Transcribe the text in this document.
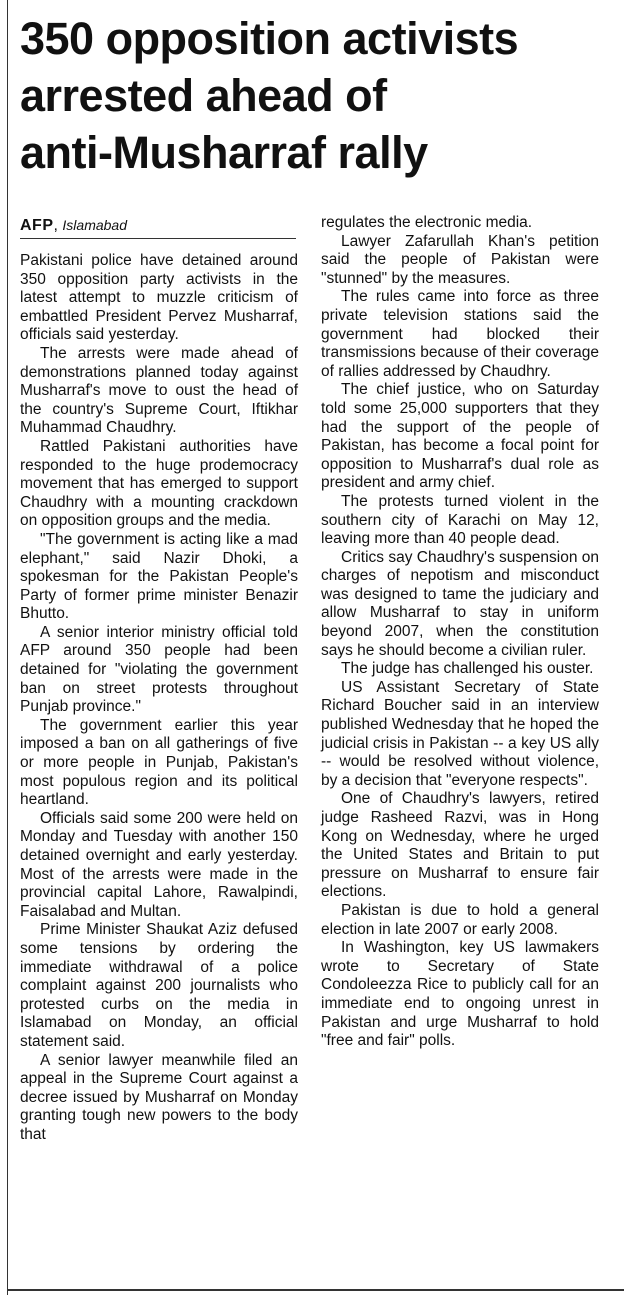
350 opposition activists
arrested ahead of
anti-Musharraf rally
AFP, Islamabad

Pakistani police have detained around 350 opposition party activists in the latest attempt to muzzle criticism of embattled President Pervez Musharraf, officials said yesterday.

The arrests were made ahead of demonstrations planned today against Musharraf's move to oust the head of the country's Supreme Court, Iftikhar Muhammad Chaudhry.

Rattled Pakistani authorities have responded to the huge prodemocracy movement that has emerged to support Chaudhry with a mounting crackdown on opposition groups and the media.

"The government is acting like a mad elephant," said Nazir Dhoki, a spokesman for the Pakistan People's Party of former prime minister Benazir Bhutto.

A senior interior ministry official told AFP around 350 people had been detained for "violating the government ban on street protests throughout Punjab province."

The government earlier this year imposed a ban on all gatherings of five or more people in Punjab, Pakistan's most populous region and its political heartland.

Officials said some 200 were held on Monday and Tuesday with another 150 detained overnight and early yesterday. Most of the arrests were made in the provincial capital Lahore, Rawalpindi, Faisalabad and Multan.

Prime Minister Shaukat Aziz defused some tensions by ordering the immediate withdrawal of a police complaint against 200 journalists who protested curbs on the media in Islamabad on Monday, an official statement said.

A senior lawyer meanwhile filed an appeal in the Supreme Court against a decree issued by Musharraf on Monday granting tough new powers to the body that

regulates the electronic media.

Lawyer Zafarullah Khan's petition said the people of Pakistan were "stunned" by the measures.

The rules came into force as three private television stations said the government had blocked their transmissions because of their coverage of rallies addressed by Chaudhry.

The chief justice, who on Saturday told some 25,000 supporters that they had the support of the people of Pakistan, has become a focal point for opposition to Musharraf's dual role as president and army chief.

The protests turned violent in the southern city of Karachi on May 12, leaving more than 40 people dead.

Critics say Chaudhry's suspension on charges of nepotism and misconduct was designed to tame the judiciary and allow Musharraf to stay in uniform beyond 2007, when the constitution says he should become a civilian ruler.

The judge has challenged his ouster.

US Assistant Secretary of State Richard Boucher said in an interview published Wednesday that he hoped the judicial crisis in Pakistan -- a key US ally -- would be resolved without violence, by a decision that "everyone respects".

One of Chaudhry's lawyers, retired judge Rasheed Razvi, was in Hong Kong on Wednesday, where he urged the United States and Britain to put pressure on Musharraf to ensure fair elections.

Pakistan is due to hold a general election in late 2007 or early 2008.

In Washington, key US lawmakers wrote to Secretary of State Condoleezza Rice to publicly call for an immediate end to ongoing unrest in Pakistan and urge Musharraf to hold "free and fair" polls.
